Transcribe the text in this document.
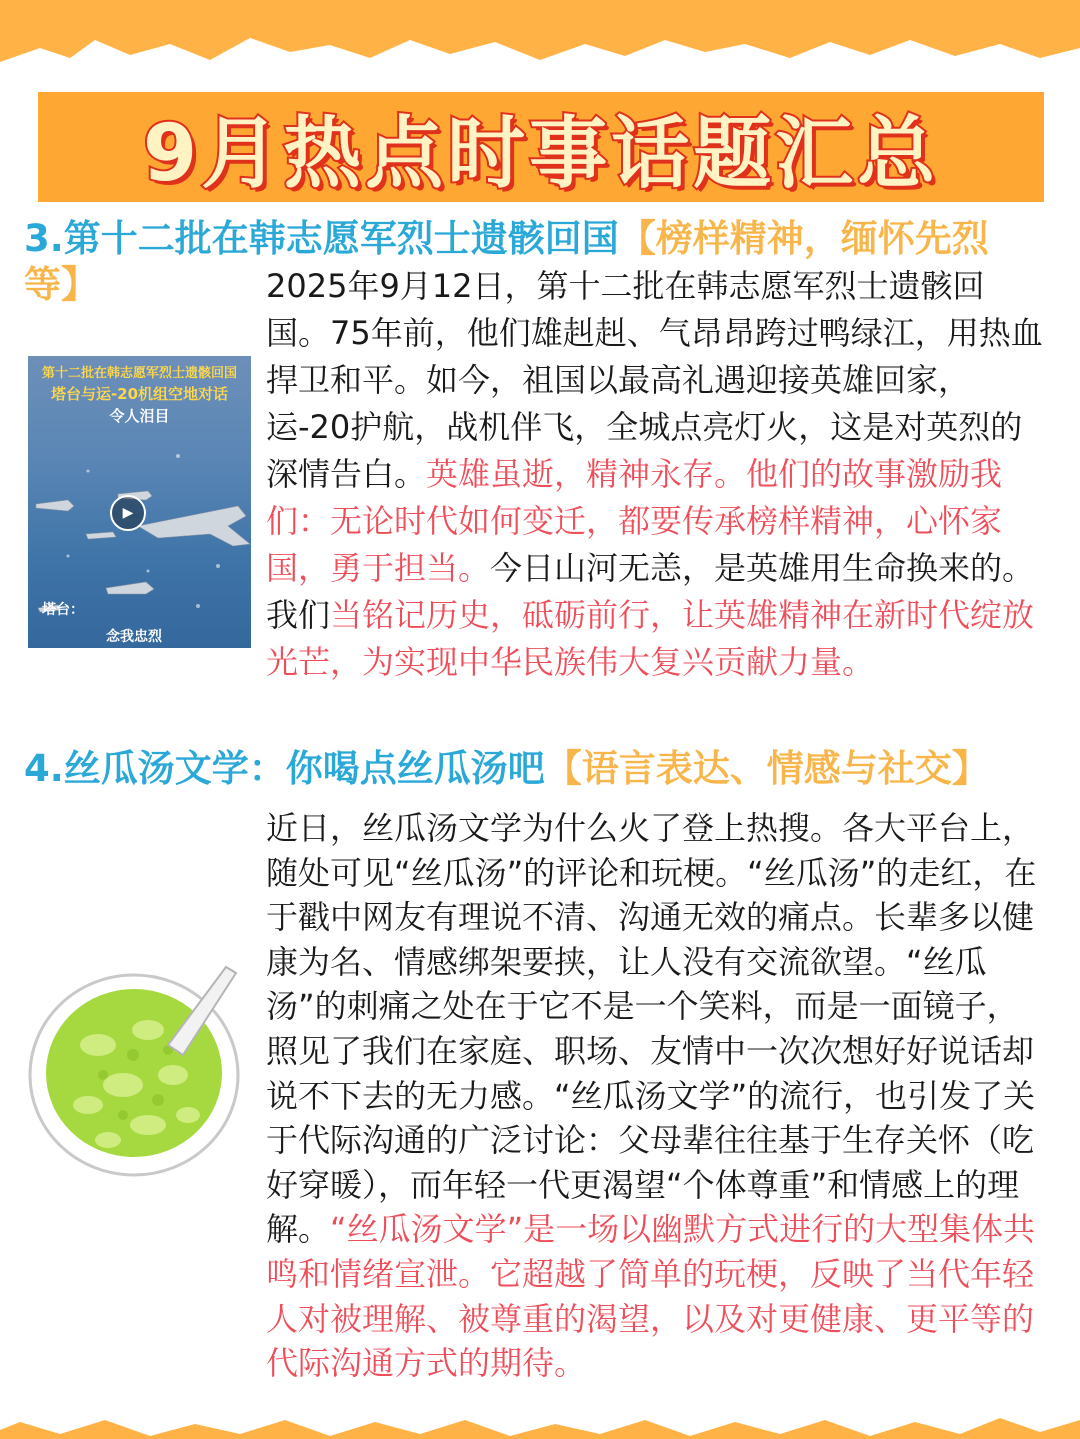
9月热点时事话题汇总
3.第十二批在韩志愿军烈士遗骸回国【榜样精神，缅怀先烈等】
第十二批在韩志愿军烈士遗骸回国
塔台与运-20机组空地对话
令人泪目
塔台：
念我忠烈
▶
2025年9月12日，第十二批在韩志愿军烈士遗骸回国。75年前，他们雄赳赳、气昂昂跨过鸭绿江，用热血捍卫和平。如今，祖国以最高礼遇迎接英雄回家，运-20护航，战机伴飞，全城点亮灯火，这是对英烈的深情告白。英雄虽逝，精神永存。他们的故事激励我们：无论时代如何变迁，都要传承榜样精神，心怀家国，勇于担当。今日山河无恙，是英雄用生命换来的。我们当铭记历史，砥砺前行，让英雄精神在新时代绽放光芒，为实现中华民族伟大复兴贡献力量。
4.丝瓜汤文学：你喝点丝瓜汤吧【语言表达、情感与社交】
近日，丝瓜汤文学为什么火了登上热搜。各大平台上，随处可见“丝瓜汤”的评论和玩梗。“丝瓜汤”的走红，在于戳中网友有理说不清、沟通无效的痛点。长辈多以健康为名、情感绑架要挟，让人没有交流欲望。“丝瓜汤”的刺痛之处在于它不是一个笑料，而是一面镜子，照见了我们在家庭、职场、友情中一次次想好好说话却说不下去的无力感。“丝瓜汤文学”的流行，也引发了关于代际沟通的广泛讨论：父母辈往往基于生存关怀（吃好穿暖），而年轻一代更渴望“个体尊重”和情感上的理解。“丝瓜汤文学”是一场以幽默方式进行的大型集体共鸣和情绪宣泄。它超越了简单的玩梗，反映了当代年轻人对被理解、被尊重的渴望，以及对更健康、更平等的代际沟通方式的期待。
